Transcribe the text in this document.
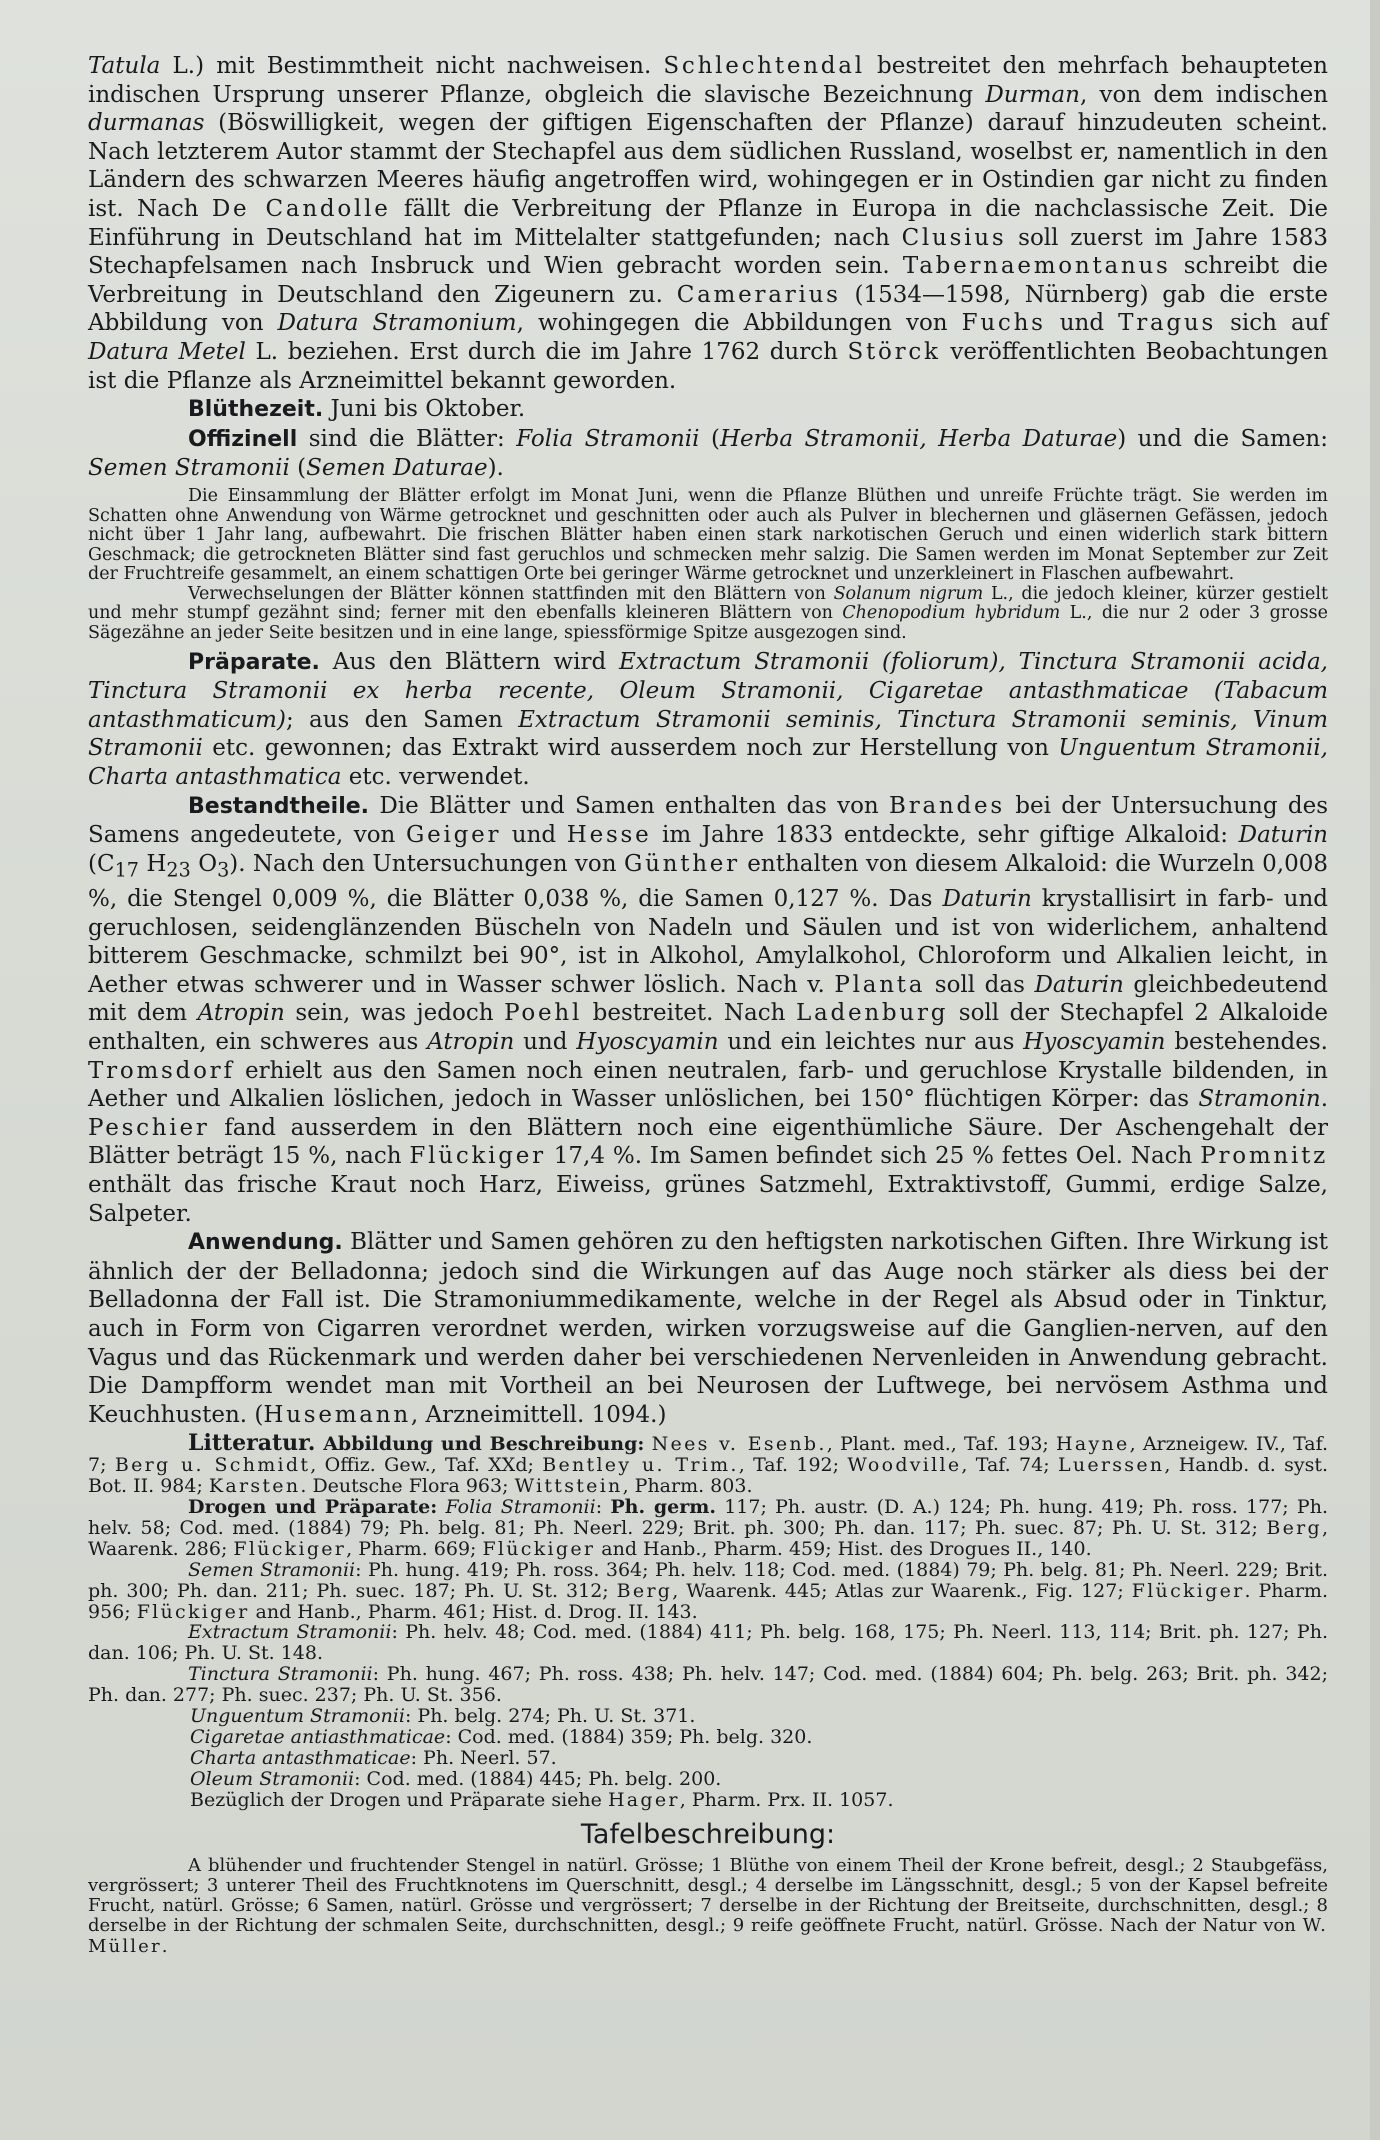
Tatula L.) mit Bestimmtheit nicht nachweisen. Schlechtendal bestreitet den mehrfach behaupteten indischen Ursprung unserer Pflanze, obgleich die slavische Bezeichnung Durman, von dem indischen durmanas (Böswilligkeit, wegen der giftigen Eigenschaften der Pflanze) darauf hinzudeuten scheint. Nach letzterem Autor stammt der Stechapfel aus dem südlichen Russland, woselbst er, namentlich in den Ländern des schwarzen Meeres häufig angetroffen wird, wohingegen er in Ostindien gar nicht zu finden ist. Nach De Candolle fällt die Verbreitung der Pflanze in Europa in die nachclassische Zeit. Die Einführung in Deutschland hat im Mittelalter stattgefunden; nach Clusius soll zuerst im Jahre 1583 Stechapfelsamen nach Insbruck und Wien gebracht worden sein. Tabernaemontanus schreibt die Verbreitung in Deutschland den Zigeunern zu. Camerarius (1534—1598, Nürnberg) gab die erste Abbildung von Datura Stramonium, wohingegen die Abbildungen von Fuchs und Tragus sich auf Datura Metel L. beziehen. Erst durch die im Jahre 1762 durch Störck veröffentlichten Beobachtungen ist die Pflanze als Arzneimittel bekannt geworden.

Blüthezeit. Juni bis Oktober.

Offizinell sind die Blätter: Folia Stramonii (Herba Stramonii, Herba Daturae) und die Samen: Semen Stramonii (Semen Daturae).

Die Einsammlung der Blätter erfolgt im Monat Juni, wenn die Pflanze Blüthen und unreife Früchte trägt. Sie werden im Schatten ohne Anwendung von Wärme getrocknet und geschnitten oder auch als Pulver in blechernen und gläsernen Gefässen, jedoch nicht über 1 Jahr lang, aufbewahrt. Die frischen Blätter haben einen stark narkotischen Geruch und einen widerlich stark bittern Geschmack; die getrockneten Blätter sind fast geruchlos und schmecken mehr salzig. Die Samen werden im Monat September zur Zeit der Fruchtreife gesammelt, an einem schattigen Orte bei geringer Wärme getrocknet und unzerkleinert in Flaschen aufbewahrt.

Verwechselungen der Blätter können stattfinden mit den Blättern von Solanum nigrum L., die jedoch kleiner, kürzer gestielt und mehr stumpf gezähnt sind; ferner mit den ebenfalls kleineren Blättern von Chenopodium hybridum L., die nur 2 oder 3 grosse Sägezähne an jeder Seite besitzen und in eine lange, spiessförmige Spitze ausgezogen sind.

Präparate. Aus den Blättern wird Extractum Stramonii (foliorum), Tinctura Stramonii acida, Tinctura Stramonii ex herba recente, Oleum Stramonii, Cigaretae antasthmaticae (Tabacum antasthmaticum); aus den Samen Extractum Stramonii seminis, Tinctura Stramonii seminis, Vinum Stramonii etc. gewonnen; das Extrakt wird ausserdem noch zur Herstellung von Unguentum Stramonii, Charta antasthmatica etc. verwendet.

Bestandtheile. Die Blätter und Samen enthalten das von Brandes bei der Untersuchung des Samens angedeutete, von Geiger und Hesse im Jahre 1833 entdeckte, sehr giftige Alkaloid: Daturin ($C_{17}$ $H_{23}$ $O_3$). Nach den Untersuchungen von Günther enthalten von diesem Alkaloid: die Wurzeln 0,008 %, die Stengel 0,009 %, die Blätter 0,038 %, die Samen 0,127 %. Das Daturin krystallisirt in farb- und geruchlosen, seidenglänzenden Büscheln von Nadeln und Säulen und ist von widerlichem, anhaltend bitterem Geschmacke, schmilzt bei 90°, ist in Alkohol, Amylalkohol, Chloroform und Alkalien leicht, in Aether etwas schwerer und in Wasser schwer löslich. Nach v. Planta soll das Daturin gleichbedeutend mit dem Atropin sein, was jedoch Poehl bestreitet. Nach Ladenburg soll der Stechapfel 2 Alkaloide enthalten, ein schweres aus Atropin und Hyoscyamin und ein leichtes nur aus Hyoscyamin bestehendes. Tromsdorf erhielt aus den Samen noch einen neutralen, farb- und geruchlose Krystalle bildenden, in Aether und Alkalien löslichen, jedoch in Wasser unlöslichen, bei 150° flüchtigen Körper: das Stramonin. Peschier fand ausserdem in den Blättern noch eine eigenthümliche Säure. Der Aschengehalt der Blätter beträgt 15 %, nach Flückiger 17,4 %. Im Samen befindet sich 25 % fettes Oel. Nach Promnitz enthält das frische Kraut noch Harz, Eiweiss, grünes Satzmehl, Extraktivstoff, Gummi, erdige Salze, Salpeter.

Anwendung. Blätter und Samen gehören zu den heftigsten narkotischen Giften. Ihre Wirkung ist ähnlich der der Belladonna; jedoch sind die Wirkungen auf das Auge noch stärker als diess bei der Belladonna der Fall ist. Die Stramoniummedikamente, welche in der Regel als Absud oder in Tinktur, auch in Form von Cigarren verordnet werden, wirken vorzugsweise auf die Ganglien-nerven, auf den Vagus und das Rückenmark und werden daher bei verschiedenen Nervenleiden in Anwendung gebracht. Die Dampfform wendet man mit Vortheil an bei Neurosen der Luftwege, bei nervösem Asthma und Keuchhusten. (Husemann, Arzneimittell. 1094.)

Litteratur. Abbildung und Beschreibung: Nees v. Esenb., Plant. med., Taf. 193; Hayne, Arzneigew. IV., Taf. 7; Berg u. Schmidt, Offiz. Gew., Taf. XXd; Bentley u. Trim., Taf. 192; Woodville, Taf. 74; Luerssen, Handb. d. syst. Bot. II. 984; Karsten. Deutsche Flora 963; Wittstein, Pharm. 803.

Drogen und Präparate: Folia Stramonii: Ph. germ. 117; Ph. austr. (D. A.) 124; Ph. hung. 419; Ph. ross. 177; Ph. helv. 58; Cod. med. (1884) 79; Ph. belg. 81; Ph. Neerl. 229; Brit. ph. 300; Ph. dan. 117; Ph. suec. 87; Ph. U. St. 312; Berg, Waarenk. 286; Flückiger, Pharm. 669; Flückiger and Hanb., Pharm. 459; Hist. des Drogues II., 140.

Semen Stramonii: Ph. hung. 419; Ph. ross. 364; Ph. helv. 118; Cod. med. (1884) 79; Ph. belg. 81; Ph. Neerl. 229; Brit. ph. 300; Ph. dan. 211; Ph. suec. 187; Ph. U. St. 312; Berg, Waarenk. 445; Atlas zur Waarenk., Fig. 127; Flückiger. Pharm. 956; Flückiger and Hanb., Pharm. 461; Hist. d. Drog. II. 143.

Extractum Stramonii: Ph. helv. 48; Cod. med. (1884) 411; Ph. belg. 168, 175; Ph. Neerl. 113, 114; Brit. ph. 127; Ph. dan. 106; Ph. U. St. 148.

Tinctura Stramonii: Ph. hung. 467; Ph. ross. 438; Ph. helv. 147; Cod. med. (1884) 604; Ph. belg. 263; Brit. ph. 342; Ph. dan. 277; Ph. suec. 237; Ph. U. St. 356.

Unguentum Stramonii: Ph. belg. 274; Ph. U. St. 371.

Cigaretae antiasthmaticae: Cod. med. (1884) 359; Ph. belg. 320.

Charta antasthmaticae: Ph. Neerl. 57.

Oleum Stramonii: Cod. med. (1884) 445; Ph. belg. 200.

Bezüglich der Drogen und Präparate siehe Hager, Pharm. Prx. II. 1057.

Tafelbeschreibung:

A blühender und fruchtender Stengel in natürl. Grösse; 1 Blüthe von einem Theil der Krone befreit, desgl.; 2 Staubgefäss, vergrössert; 3 unterer Theil des Fruchtknotens im Querschnitt, desgl.; 4 derselbe im Längsschnitt, desgl.; 5 von der Kapsel befreite Frucht, natürl. Grösse; 6 Samen, natürl. Grösse und vergrössert; 7 derselbe in der Richtung der Breitseite, durchschnitten, desgl.; 8 derselbe in der Richtung der schmalen Seite, durchschnitten, desgl.; 9 reife geöffnete Frucht, natürl. Grösse. Nach der Natur von W. Müller.
